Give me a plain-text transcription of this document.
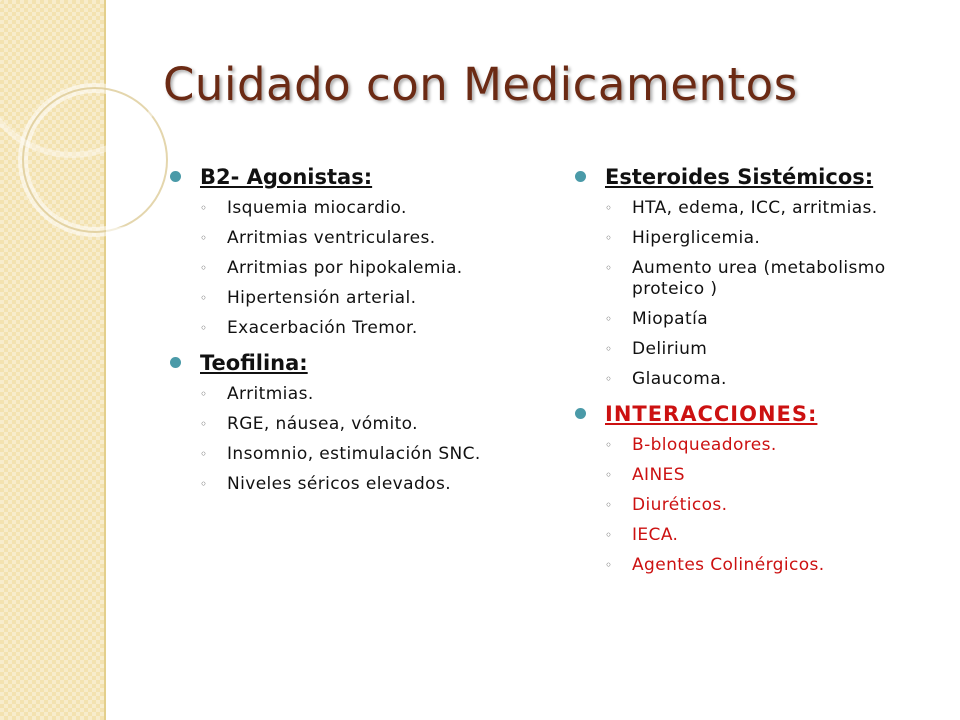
Cuidado con Medicamentos
B2- Agonistas:
◦ Isquemia miocardio.
◦ Arritmias ventriculares.
◦ Arritmias por hipokalemia.
◦ Hipertensión arterial.
◦ Exacerbación Tremor.
Teofilina:
◦ Arritmias.
◦ RGE, náusea, vómito.
◦ Insomnio, estimulación SNC.
◦ Niveles séricos elevados.
Esteroides Sistémicos:
◦ HTA, edema, ICC, arritmias.
◦ Hiperglicemia.
◦ Aumento urea (metabolismo proteico )
◦ Miopatía
◦ Delirium
◦ Glaucoma.
INTERACCIONES:
◦ B-bloqueadores.
◦ AINES
◦ Diuréticos.
◦ IECA.
◦ Agentes Colinérgicos.
